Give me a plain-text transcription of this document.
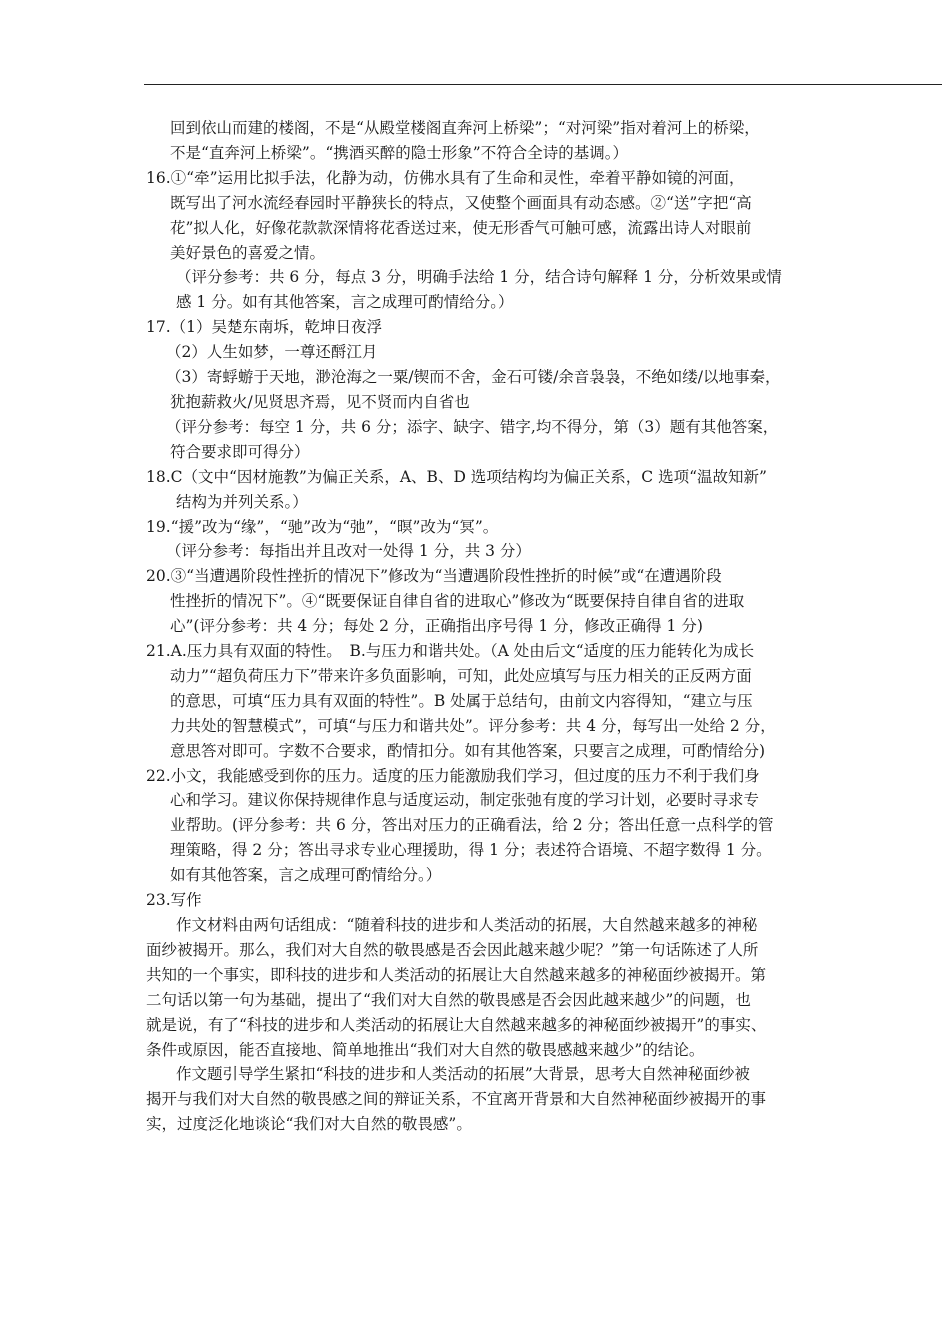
回到依山而建的楼阁，不是“从殿堂楼阁直奔河上桥梁”；“对河梁”指对着河上的桥梁，
不是“直奔河上桥梁”。“携酒买醉的隐士形象”不符合全诗的基调。）
16.①“牵”运用比拟手法，化静为动，仿佛水具有了生命和灵性，牵着平静如镜的河面，
既写出了河水流经春园时平静狭长的特点，又使整个画面具有动态感。②“送”字把“高
花”拟人化，好像花款款深情将花香送过来，使无形香气可触可感，流露出诗人对眼前
美好景色的喜爱之情。
（评分参考：共 6 分，每点 3 分，明确手法给 1 分，结合诗句解释 1 分，分析效果或情
感 1 分。如有其他答案，言之成理可酌情给分。）
17.（1）吴楚东南坼，乾坤日夜浮
（2）人生如梦，一尊还酹江月
（3）寄蜉蝣于天地，渺沧海之一粟/锲而不舍，金石可镂/余音袅袅，不绝如缕/以地事秦，
犹抱薪救火/见贤思齐焉，见不贤而内自省也
（评分参考：每空 1 分，共 6 分；添字、缺字、错字,均不得分，第（3）题有其他答案，
符合要求即可得分）
18.C（文中“因材施教”为偏正关系，A、B、D 选项结构均为偏正关系，C 选项“温故知新”
结构为并列关系。）
19.“援”改为“缘”，“驰”改为“弛”，“暝”改为“冥”。
（评分参考：每指出并且改对一处得 1 分，共 3 分）
20.③“当遭遇阶段性挫折的情况下”修改为“当遭遇阶段性挫折的时候”或“在遭遇阶段
性挫折的情况下”。④“既要保证自律自省的进取心”修改为“既要保持自律自省的进取
心”(评分参考：共 4 分；每处 2 分，正确指出序号得 1 分，修改正确得 1 分)
21.A.压力具有双面的特性。　B.与压力和谐共处。（A 处由后文“适度的压力能转化为成长
动力”“超负荷压力下”带来许多负面影响，可知，此处应填写与压力相关的正反两方面
的意思，可填“压力具有双面的特性”。B 处属于总结句，由前文内容得知，“建立与压
力共处的智慧模式”，可填“与压力和谐共处”。评分参考：共 4 分，每写出一处给 2 分，
意思答对即可。字数不合要求，酌情扣分。如有其他答案，只要言之成理，可酌情给分)
22.小文，我能感受到你的压力。适度的压力能激励我们学习，但过度的压力不利于我们身
心和学习。建议你保持规律作息与适度运动，制定张弛有度的学习计划，必要时寻求专
业帮助。(评分参考：共 6 分，答出对压力的正确看法，给 2 分；答出任意一点科学的管
理策略，得 2 分；答出寻求专业心理援助，得 1 分；表述符合语境、不超字数得 1 分。
如有其他答案，言之成理可酌情给分。）
23.写作
作文材料由两句话组成：“随着科技的进步和人类活动的拓展，大自然越来越多的神秘
面纱被揭开。那么，我们对大自然的敬畏感是否会因此越来越少呢？”第一句话陈述了人所
共知的一个事实，即科技的进步和人类活动的拓展让大自然越来越多的神秘面纱被揭开。第
二句话以第一句为基础，提出了“我们对大自然的敬畏感是否会因此越来越少”的问题，也
就是说，有了“科技的进步和人类活动的拓展让大自然越来越多的神秘面纱被揭开”的事实、
条件或原因，能否直接地、简单地推出“我们对大自然的敬畏感越来越少”的结论。
作文题引导学生紧扣“科技的进步和人类活动的拓展”大背景，思考大自然神秘面纱被
揭开与我们对大自然的敬畏感之间的辩证关系，不宜离开背景和大自然神秘面纱被揭开的事
实，过度泛化地谈论“我们对大自然的敬畏感”。
